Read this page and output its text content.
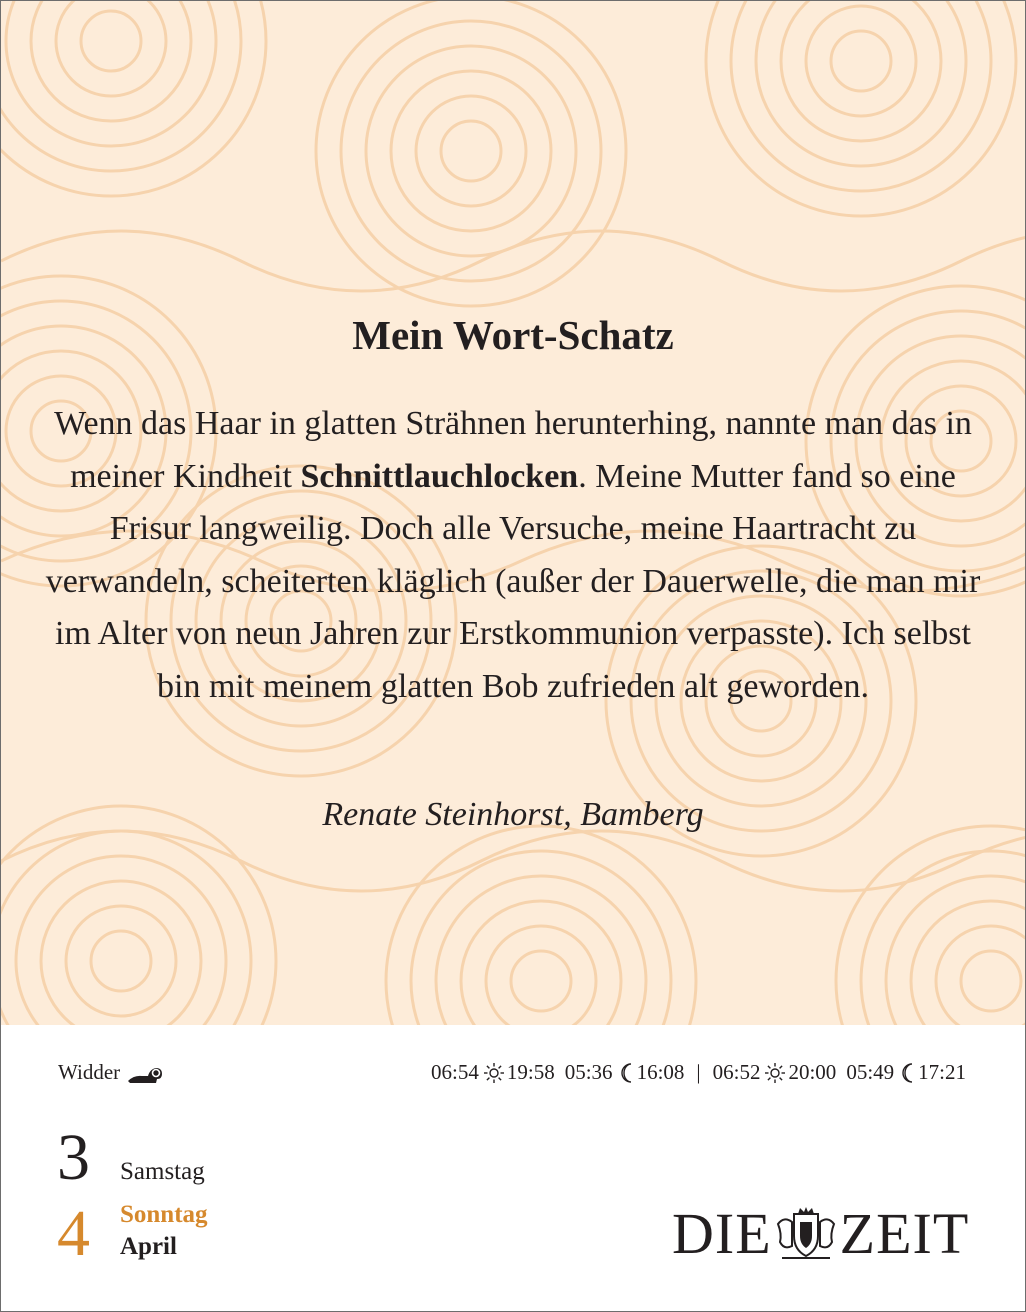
Mein Wort-Schatz

Wenn das Haar in glatten Strähnen herunterhing, nannte man das in meiner Kindheit Schnittlauchlocken. Meine Mutter fand so eine Frisur langweilig. Doch alle Versuche, meine Haartracht zu verwandeln, scheiterten kläglich (außer der Dauerwelle, die man mir im Alter von neun Jahren zur Erstkommunion verpasste). Ich selbst bin mit meinem glatten Bob zufrieden alt geworden.

Renate Steinhorst, Bamberg

Widder	06:54 19:58 05:36 16:08 | 06:52 20:00 05:49 17:21
3 Samstag
4 Sonntag
April	DIE ZEIT
